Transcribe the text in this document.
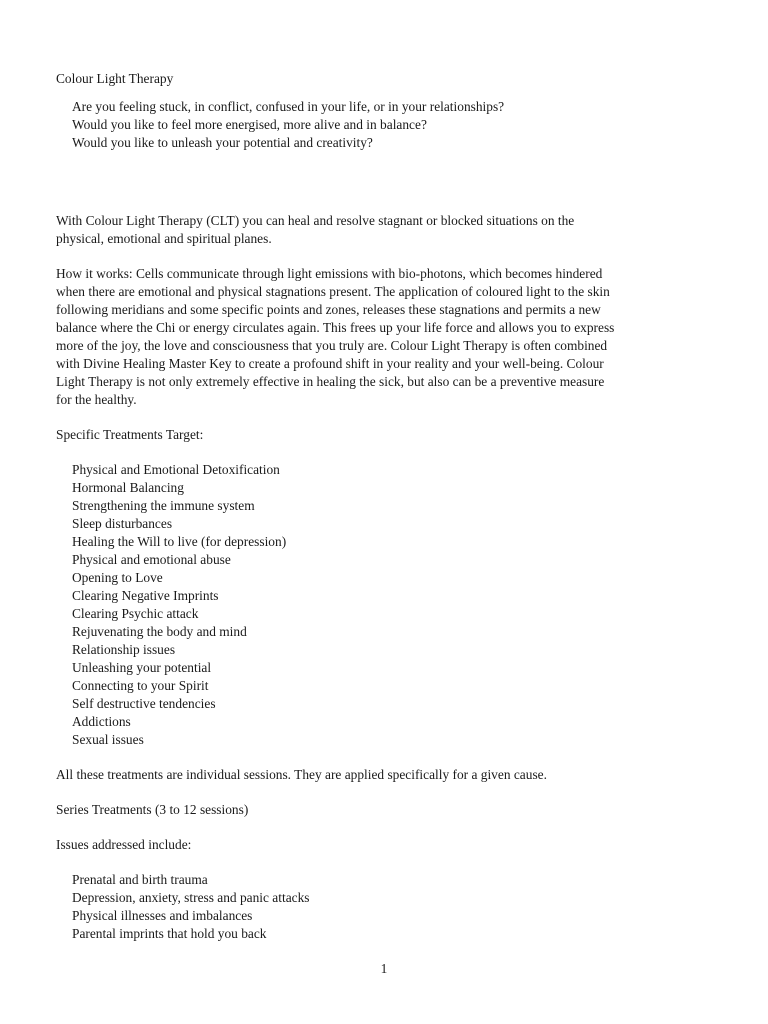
Colour Light Therapy
Are you feeling stuck, in conflict, confused in your life, or in your relationships?
Would you like to feel more energised, more alive and in balance?
Would you like to unleash your potential and creativity?
With Colour Light Therapy (CLT) you can heal and resolve stagnant or blocked situations on the
physical, emotional and spiritual planes.
How it works: Cells communicate through light emissions with bio-photons, which becomes hindered
when there are emotional and physical stagnations present. The application of coloured light to the skin
following meridians and some specific points and zones, releases these stagnations and permits a new
balance where the Chi or energy circulates again. This frees up your life force and allows you to express
more of the joy, the love and consciousness that you truly are. Colour Light Therapy is often combined
with Divine Healing Master Key to create a profound shift in your reality and your well-being. Colour
Light Therapy is not only extremely effective in healing the sick, but also can be a preventive measure
for the healthy.
Specific Treatments Target:
Physical and Emotional Detoxification
Hormonal Balancing
Strengthening the immune system
Sleep disturbances
Healing the Will to live (for depression)
Physical and emotional abuse
Opening to Love
Clearing Negative Imprints
Clearing Psychic attack
Rejuvenating the body and mind
Relationship issues
Unleashing your potential
Connecting to your Spirit
Self destructive tendencies
Addictions
Sexual issues
All these treatments are individual sessions. They are applied specifically for a given cause.
Series Treatments (3 to 12 sessions)
Issues addressed include:
Prenatal and birth trauma
Depression, anxiety, stress and panic attacks
Physical illnesses and imbalances
Parental imprints that hold you back
1
